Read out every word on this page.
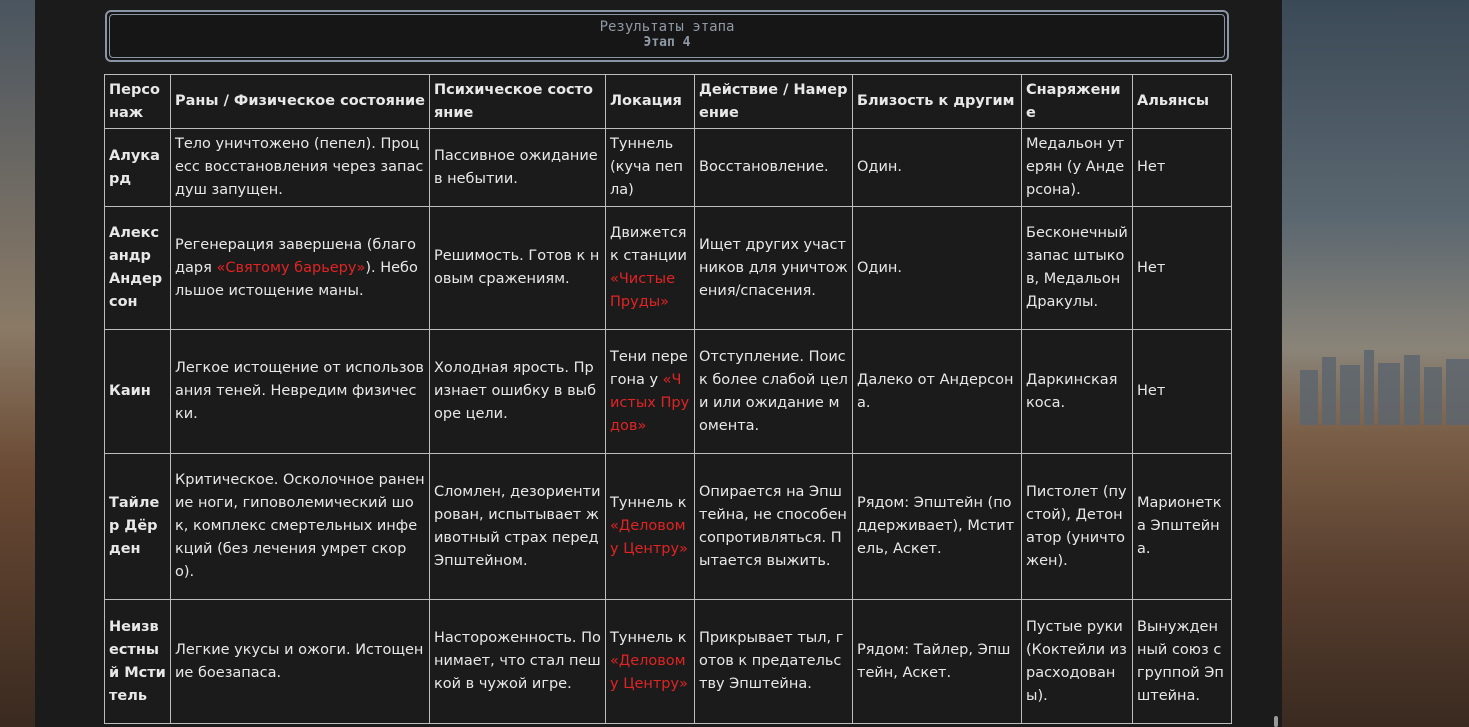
Результаты этапа
Этап 4
Персонаж	Раны / Физическое состояние	Психическое состояние	Локация	Действие / Намерение	Близость к другим	Снаряжение	Альянсы
Алукард	Тело уничтожено (пепел). Процесс восстановления через запас душ запущен.	Пассивное ожидание в небытии.	Туннель (куча пепла)	Восстановление.	Один.	Медальон утерян (у Андерсона).	Нет
Александр Андерсон	Регенерация завершена (благодаря «Святому барьеру»). Небольшое истощение маны.	Решимость. Готов к новым сражениям.	Движется к станции «Чистые Пруды»	Ищет других участников для уничтожения/спасения.	Один.	Бесконечный запас штыков, Медальон Дракулы.	Нет
Каин	Легкое истощение от использования теней. Невредим физически.	Холодная ярость. Признает ошибку в выборе цели.	Тени перегона у «Чистых Прудов»	Отступление. Поиск более слабой цели или ожидание момента.	Далеко от Андерсона.	Даркинская коса.	Нет
Тайлер Дёрден	Критическое. Осколочное ранение ноги, гиповолемический шок, комплекс смертельных инфекций (без лечения умрет скоро).	Сломлен, дезориентирован, испытывает животный страх перед Эпштейном.	Туннель к «Деловому Центру»	Опирается на Эпштейна, не способен сопротивляться. Пытается выжить.	Рядом: Эпштейн (поддерживает), Мститель, Аскет.	Пистолет (пустой), Детонатор (уничтожен).	Марионетка Эпштейна.
Неизвестный Мститель	Легкие укусы и ожоги. Истощение боезапаса.	Настороженность. Понимает, что стал пешкой в чужой игре.	Туннель к «Деловому Центру»	Прикрывает тыл, готов к предательству Эпштейна.	Рядом: Тайлер, Эпштейн, Аскет.	Пустые руки (Коктейли израсходованы).	Вынужденный союз с группой Эпштейна.
